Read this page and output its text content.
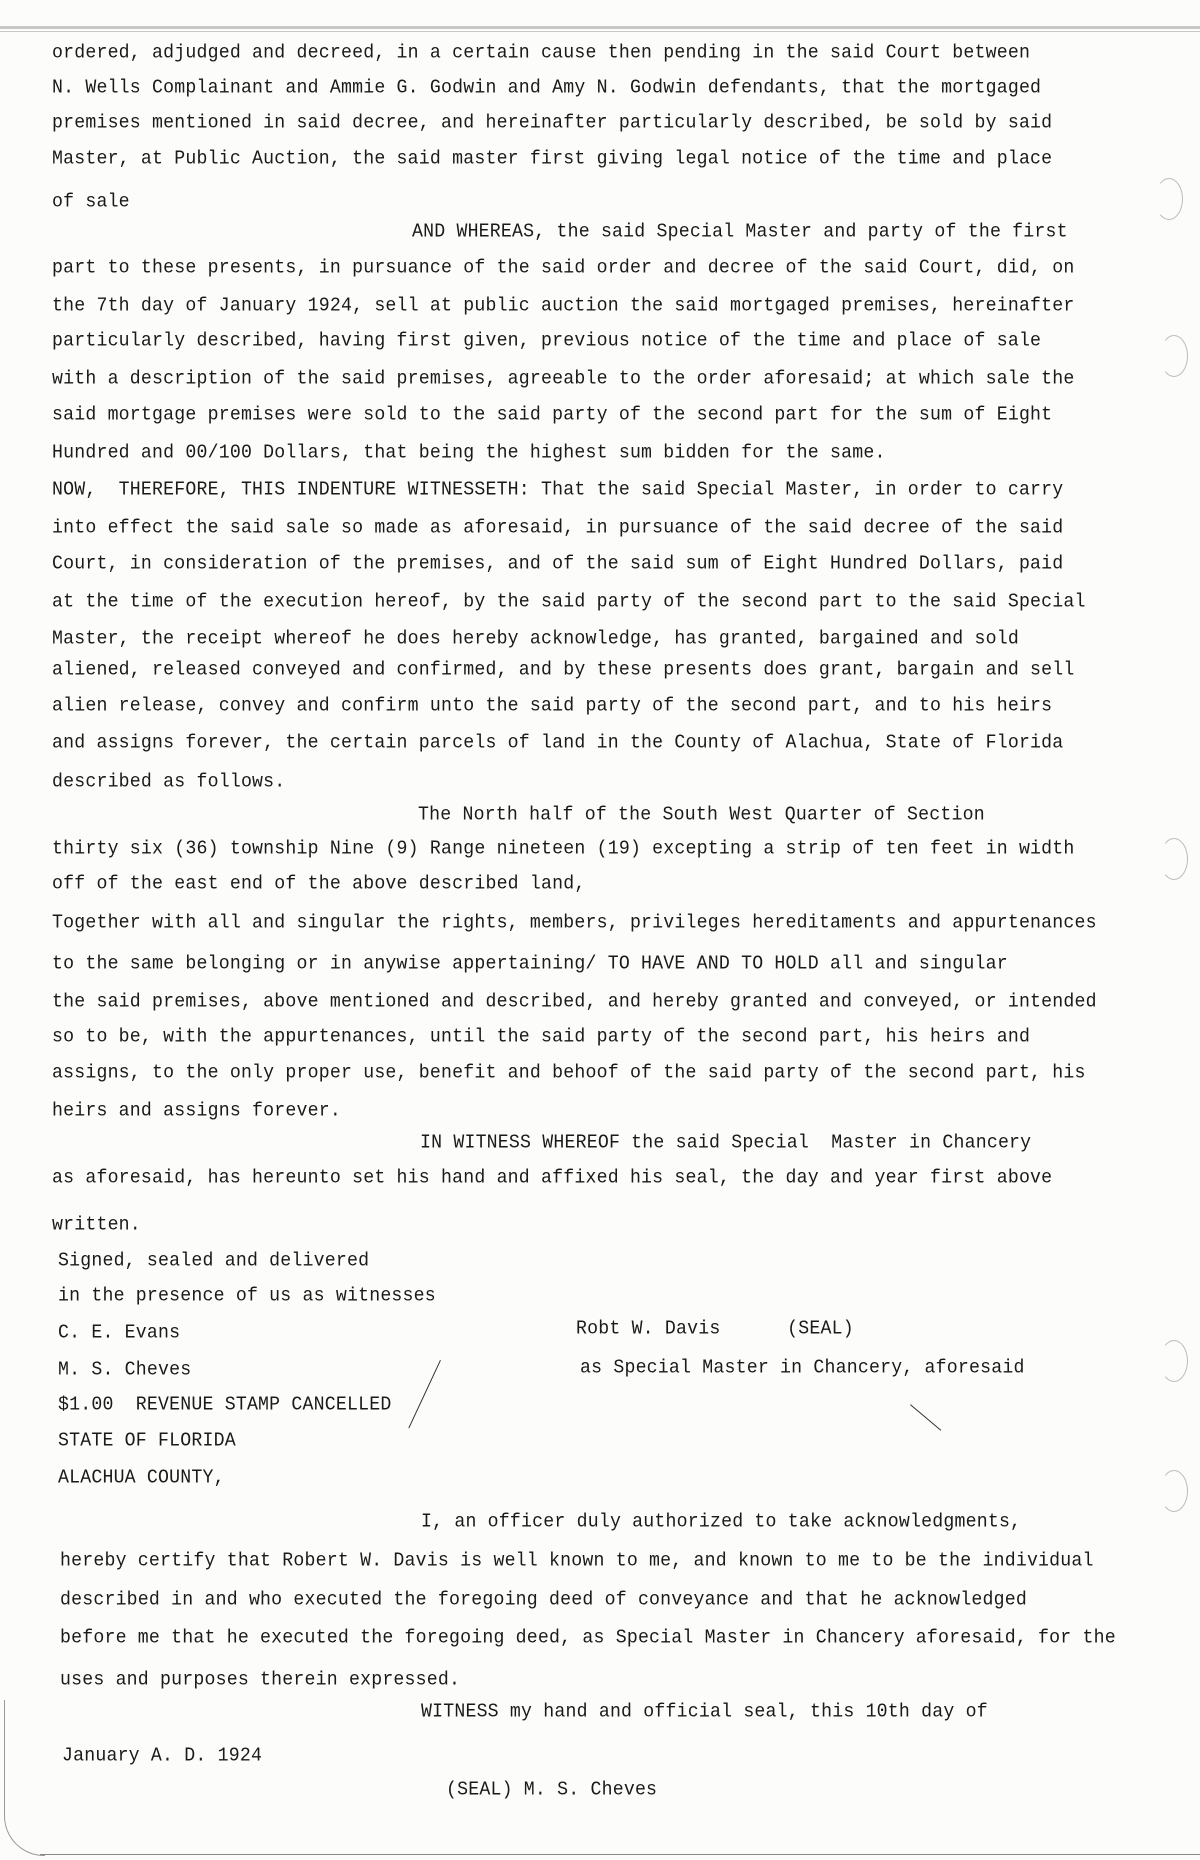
ordered, adjudged and decreed, in a certain cause then pending in the said Court between
N. Wells Complainant and Ammie G. Godwin and Amy N. Godwin defendants, that the mortgaged
premises mentioned in said decree, and hereinafter particularly described, be sold by said
Master, at Public Auction, the said master first giving legal notice of the time and place
of sale
AND WHEREAS, the said Special Master and party of the first
part to these presents, in pursuance of the said order and decree of the said Court, did, on
the 7th day of January 1924, sell at public auction the said mortgaged premises, hereinafter
particularly described, having first given, previous notice of the time and place of sale
with a description of the said premises, agreeable to the order aforesaid; at which sale the
said mortgage premises were sold to the said party of the second part for the sum of Eight
Hundred and 00/100 Dollars, that being the highest sum bidden for the same.
NOW,  THEREFORE, THIS INDENTURE WITNESSETH: That the said Special Master, in order to carry
into effect the said sale so made as aforesaid, in pursuance of the said decree of the said
Court, in consideration of the premises, and of the said sum of Eight Hundred Dollars, paid
at the time of the execution hereof, by the said party of the second part to the said Special
Master, the receipt whereof he does hereby acknowledge, has granted, bargained and sold
aliened, released conveyed and confirmed, and by these presents does grant, bargain and sell
alien release, convey and confirm unto the said party of the second part, and to his heirs
and assigns forever, the certain parcels of land in the County of Alachua, State of Florida
described as follows.
The North half of the South West Quarter of Section
thirty six (36) township Nine (9) Range nineteen (19) excepting a strip of ten feet in width
off of the east end of the above described land,
Together with all and singular the rights, members, privileges hereditaments and appurtenances
to the same belonging or in anywise appertaining/ TO HAVE AND TO HOLD all and singular
the said premises, above mentioned and described, and hereby granted and conveyed, or intended
so to be, with the appurtenances, until the said party of the second part, his heirs and
assigns, to the only proper use, benefit and behoof of the said party of the second part, his
heirs and assigns forever.
IN WITNESS WHEREOF the said Special  Master in Chancery
as aforesaid, has hereunto set his hand and affixed his seal, the day and year first above
written.
Signed, sealed and delivered
in the presence of us as witnesses
C. E. Evans	Robt W. Davis      (SEAL)
M. S. Cheves	as Special Master in Chancery, aforesaid
$1.00  REVENUE STAMP CANCELLED
STATE OF FLORIDA
ALACHUA COUNTY,
I, an officer duly authorized to take acknowledgments,
hereby certify that Robert W. Davis is well known to me, and known to me to be the individual
described in and who executed the foregoing deed of conveyance and that he acknowledged
before me that he executed the foregoing deed, as Special Master in Chancery aforesaid, for the
uses and purposes therein expressed.
WITNESS my hand and official seal, this 10th day of
January A. D. 1924
(SEAL) M. S. Cheves
